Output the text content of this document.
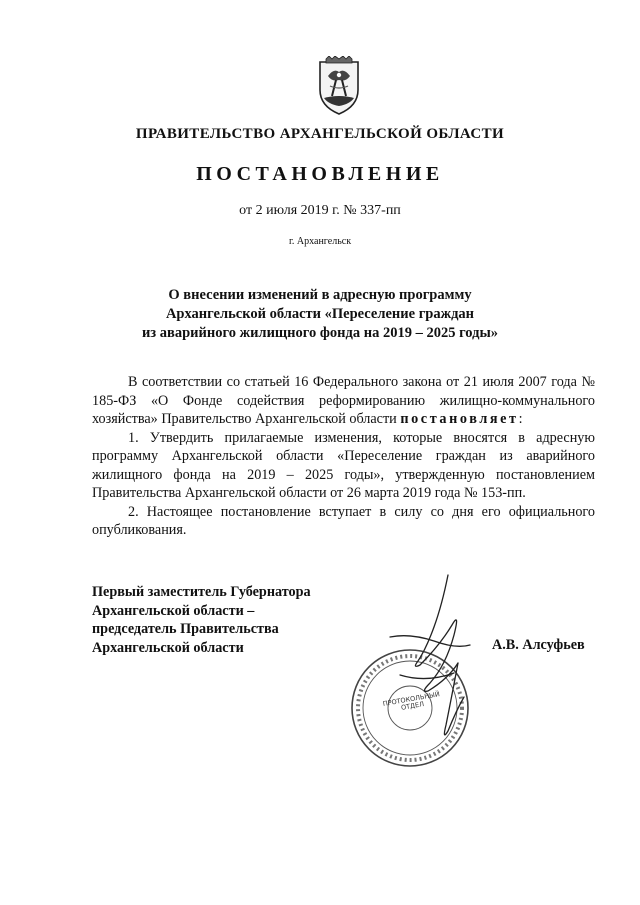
ПРАВИТЕЛЬСТВО АРХАНГЕЛЬСКОЙ ОБЛАСТИ
ПОСТАНОВЛЕНИЕ
от 2 июля 2019 г. № 337-пп
г. Архангельск
О внесении изменений в адресную программу
Архангельской области «Переселение граждан
из аварийного жилищного фонда на 2019 – 2025 годы»

В соответствии со статьей 16 Федерального закона от 21 июля 2007 года № 185-ФЗ «О Фонде содействия реформированию жилищно-коммунального хозяйства» Правительство Архангельской области постановляет:

1. Утвердить прилагаемые изменения, которые вносятся в адресную программу Архангельской области «Переселение граждан из аварийного жилищного фонда на 2019 – 2025 годы», утвержденную постановлением Правительства Архангельской области от 26 марта 2019 года № 153-пп.

2. Настоящее постановление вступает в силу со дня его официального опубликования.

ПРОТОКОЛЬНЫЙ ОТДЕЛ
Первый заместитель Губернатора
Архангельской области –
председатель Правительства
Архангельской области	А.В. Алсуфьев
